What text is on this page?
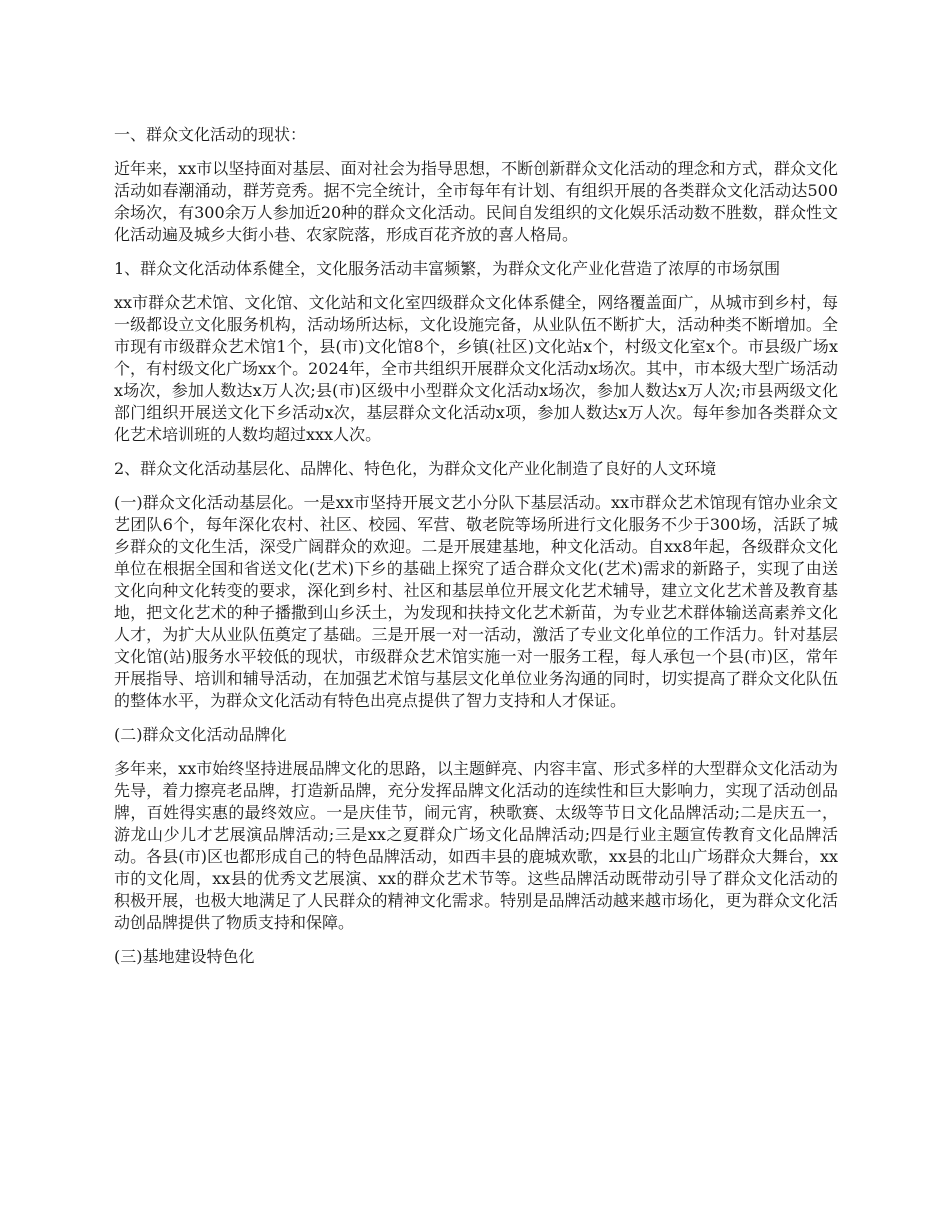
一、群众文化活动的现状：

近年来，xx市以坚持面对基层、面对社会为指导思想，不断创新群众文化活动的理念和方式，群众文化活动如春潮涌动，群芳竞秀。据不完全统计，全市每年有计划、有组织开展的各类群众文化活动达500余场次，有300余万人参加近20种的群众文化活动。民间自发组织的文化娱乐活动数不胜数，群众性文化活动遍及城乡大街小巷、农家院落，形成百花齐放的喜人格局。

1、群众文化活动体系健全，文化服务活动丰富频繁，为群众文化产业化营造了浓厚的市场氛围

xx市群众艺术馆、文化馆、文化站和文化室四级群众文化体系健全，网络覆盖面广，从城市到乡村，每一级都设立文化服务机构，活动场所达标，文化设施完备，从业队伍不断扩大，活动种类不断增加。全市现有市级群众艺术馆1个，县(市)文化馆8个，乡镇(社区)文化站x个，村级文化室x个。市县级广场x个，有村级文化广场xx个。2024年，全市共组织开展群众文化活动x场次。其中，市本级大型广场活动x场次，参加人数达x万人次;县(市)区级中小型群众文化活动x场次，参加人数达x万人次;市县两级文化部门组织开展送文化下乡活动x次，基层群众文化活动x项，参加人数达x万人次。每年参加各类群众文化艺术培训班的人数均超过xxx人次。

2、群众文化活动基层化、品牌化、特色化，为群众文化产业化制造了良好的人文环境

(一)群众文化活动基层化。一是xx市坚持开展文艺小分队下基层活动。xx市群众艺术馆现有馆办业余文艺团队6个，每年深化农村、社区、校园、军营、敬老院等场所进行文化服务不少于300场，活跃了城乡群众的文化生活，深受广阔群众的欢迎。二是开展建基地，种文化活动。自xx8年起，各级群众文化单位在根据全国和省送文化(艺术)下乡的基础上探究了适合群众文化(艺术)需求的新路子，实现了由送文化向种文化转变的要求，深化到乡村、社区和基层单位开展文化艺术辅导，建立文化艺术普及教育基地，把文化艺术的种子播撒到山乡沃土，为发现和扶持文化艺术新苗，为专业艺术群体输送高素养文化人才，为扩大从业队伍奠定了基础。三是开展一对一活动，激活了专业文化单位的工作活力。针对基层文化馆(站)服务水平较低的现状，市级群众艺术馆实施一对一服务工程，每人承包一个县(市)区，常年开展指导、培训和辅导活动，在加强艺术馆与基层文化单位业务沟通的同时，切实提高了群众文化队伍的整体水平，为群众文化活动有特色出亮点提供了智力支持和人才保证。

(二)群众文化活动品牌化

多年来，xx市始终坚持进展品牌文化的思路，以主题鲜亮、内容丰富、形式多样的大型群众文化活动为先导，着力擦亮老品牌，打造新品牌，充分发挥品牌文化活动的连续性和巨大影响力，实现了活动创品牌，百姓得实惠的最终效应。一是庆佳节，闹元宵，秧歌赛、太级等节日文化品牌活动;二是庆五一，游龙山少儿才艺展演品牌活动;三是xx之夏群众广场文化品牌活动;四是行业主题宣传教育文化品牌活动。各县(市)区也都形成自己的特色品牌活动，如西丰县的鹿城欢歌，xx县的北山广场群众大舞台，xx市的文化周，xx县的优秀文艺展演、xx的群众艺术节等。这些品牌活动既带动引导了群众文化活动的积极开展，也极大地满足了人民群众的精神文化需求。特别是品牌活动越来越市场化，更为群众文化活动创品牌提供了物质支持和保障。

(三)基地建设特色化
